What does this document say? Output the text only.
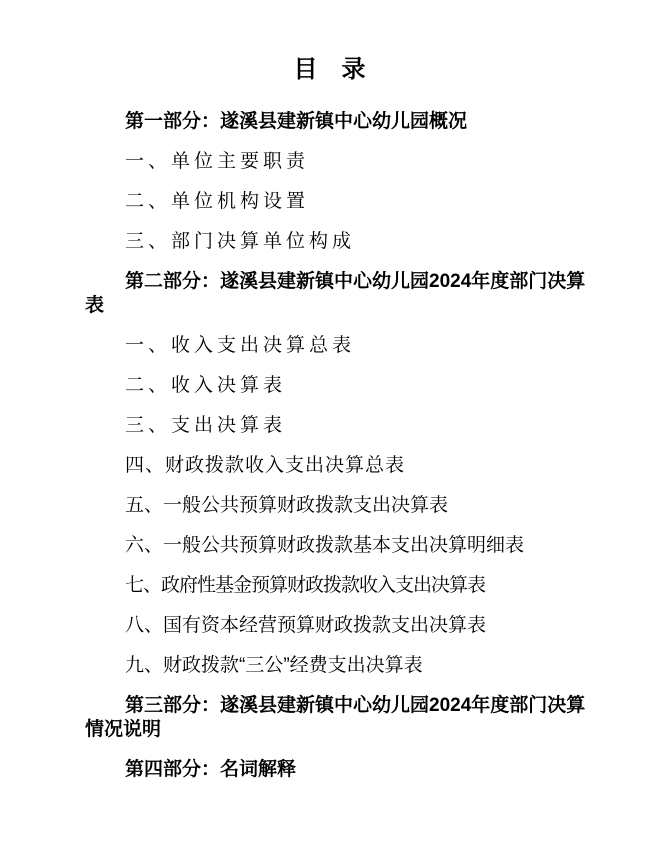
目　录

第一部分：遂溪县建新镇中心幼儿园概况

一、单位主要职责

二、单位机构设置

三、部门决算单位构成

第二部分：遂溪县建新镇中心幼儿园2024年度部门决算
表

一、收入支出决算总表

二、收入决算表

三、支出决算表

四、财政拨款收入支出决算总表

五、一般公共预算财政拨款支出决算表

六、一般公共预算财政拨款基本支出决算明细表

七、政府性基金预算财政拨款收入支出决算表

八、国有资本经营预算财政拨款支出决算表

九、财政拨款“三公”经费支出决算表

第三部分：遂溪县建新镇中心幼儿园2024年度部门决算
情况说明

第四部分：名词解释
